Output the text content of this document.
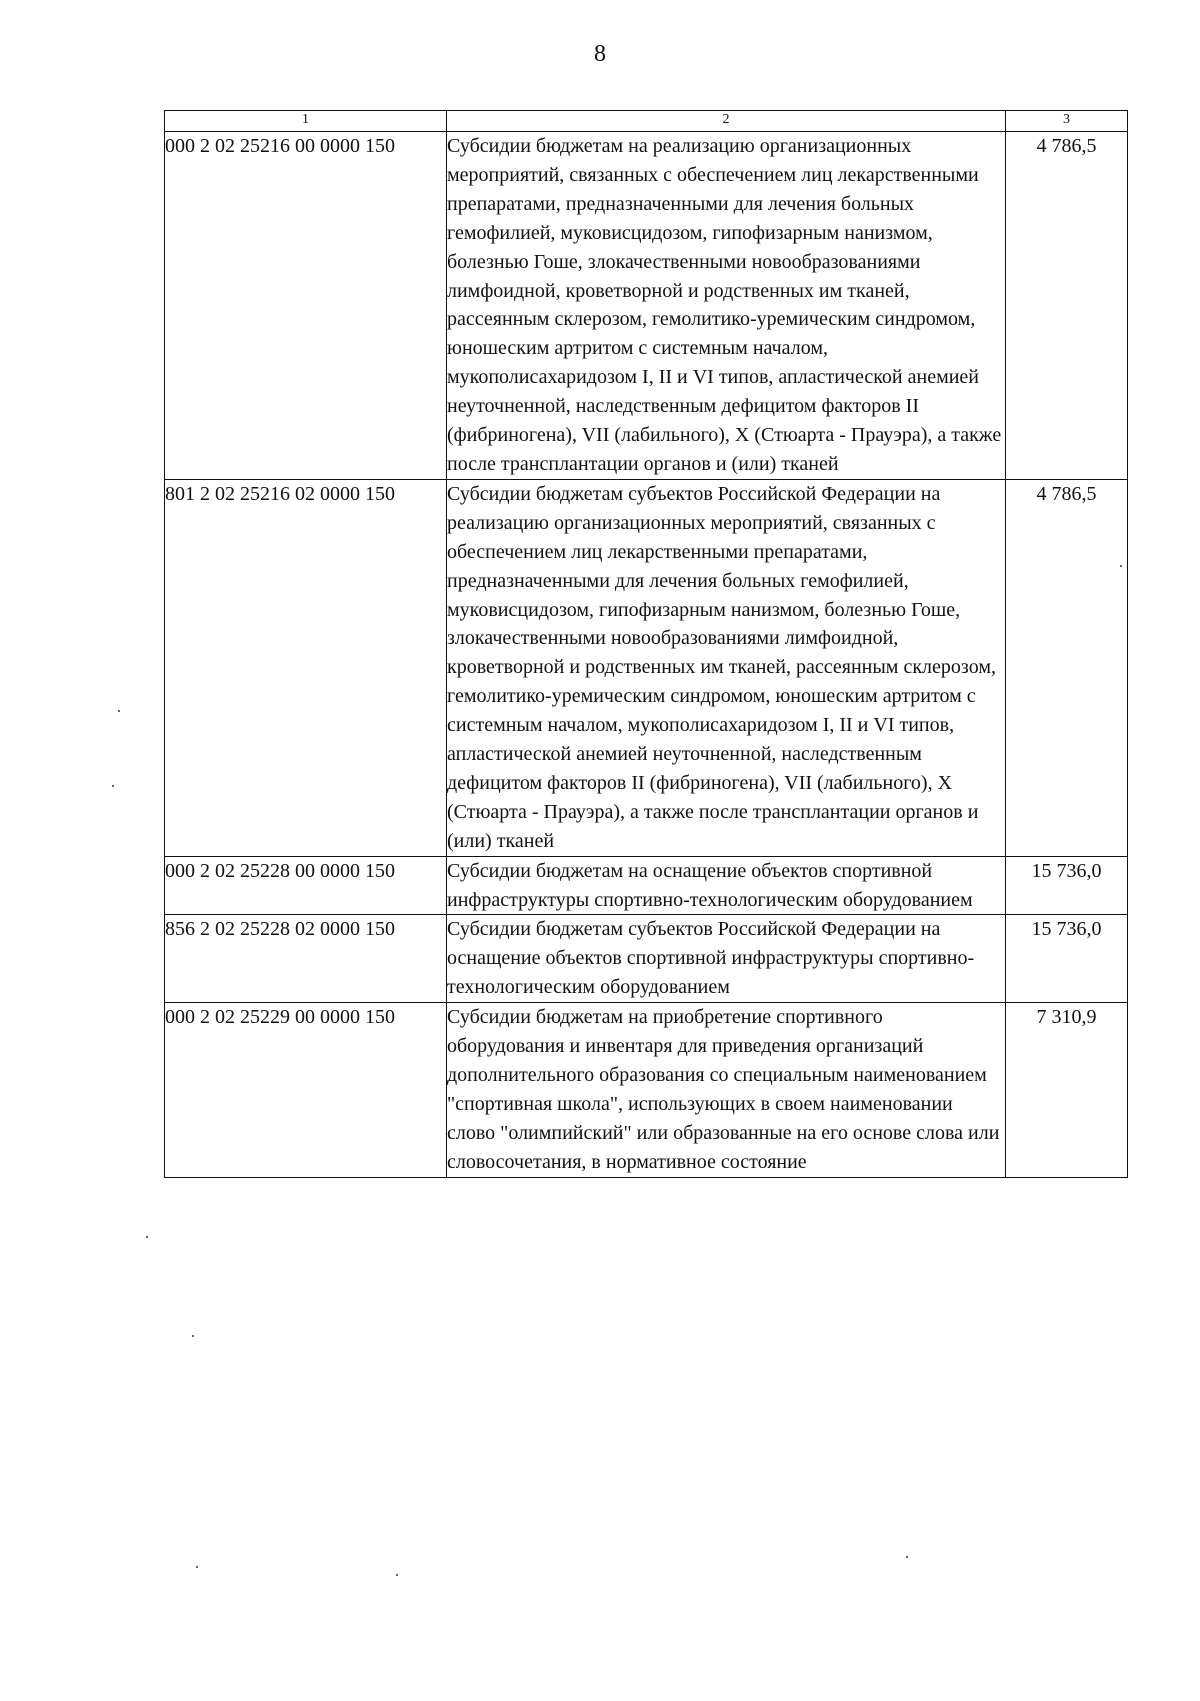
8
1	2	3
000 2 02 25216 00 0000 150	Субсидии бюджетам на реализацию организационных мероприятий, связанных с обеспечением лиц лекарственными препаратами, предназначенными для лечения больных гемофилией, муковисцидозом, гипофизарным нанизмом, болезнью Гоше, злокачественными новообразованиями лимфоидной, кроветворной и родственных им тканей, рассеянным склерозом, гемолитико-уремическим синдромом, юношеским артритом с системным началом, мукополисахаридозом I, II и VI типов, апластической анемией неуточненной, наследственным дефицитом факторов II (фибриногена), VII (лабильного), X (Стюарта - Прауэра), а также после трансплантации органов и (или) тканей	4 786,5
801 2 02 25216 02 0000 150	Субсидии бюджетам субъектов Российской Федерации на реализацию организационных мероприятий, связанных с обеспечением лиц лекарственными препаратами, предназначенными для лечения больных гемофилией, муковисцидозом, гипофизарным нанизмом, болезнью Гоше, злокачественными новообразованиями лимфоидной, кроветворной и родственных им тканей, рассеянным склерозом, гемолитико-уремическим синдромом, юношеским артритом с системным началом, мукополисахаридозом I, II и VI типов, апластической анемией неуточненной, наследственным дефицитом факторов II (фибриногена), VII (лабильного), X (Стюарта - Прауэра), а также после трансплантации органов и (или) тканей	4 786,5
000 2 02 25228 00 0000 150	Субсидии бюджетам на оснащение объектов спортивной инфраструктуры спортивно-технологическим оборудованием	15 736,0
856 2 02 25228 02 0000 150	Субсидии бюджетам субъектов Российской Федерации на оснащение объектов спортивной инфраструктуры спортивно-технологическим оборудованием	15 736,0
000 2 02 25229 00 0000 150	Субсидии бюджетам на приобретение спортивного оборудования и инвентаря для приведения организаций дополнительного образования со специальным наименованием "спортивная школа", использующих в своем наименовании слово "олимпийский" или образованные на его основе слова или словосочетания, в нормативное состояние	7 310,9
